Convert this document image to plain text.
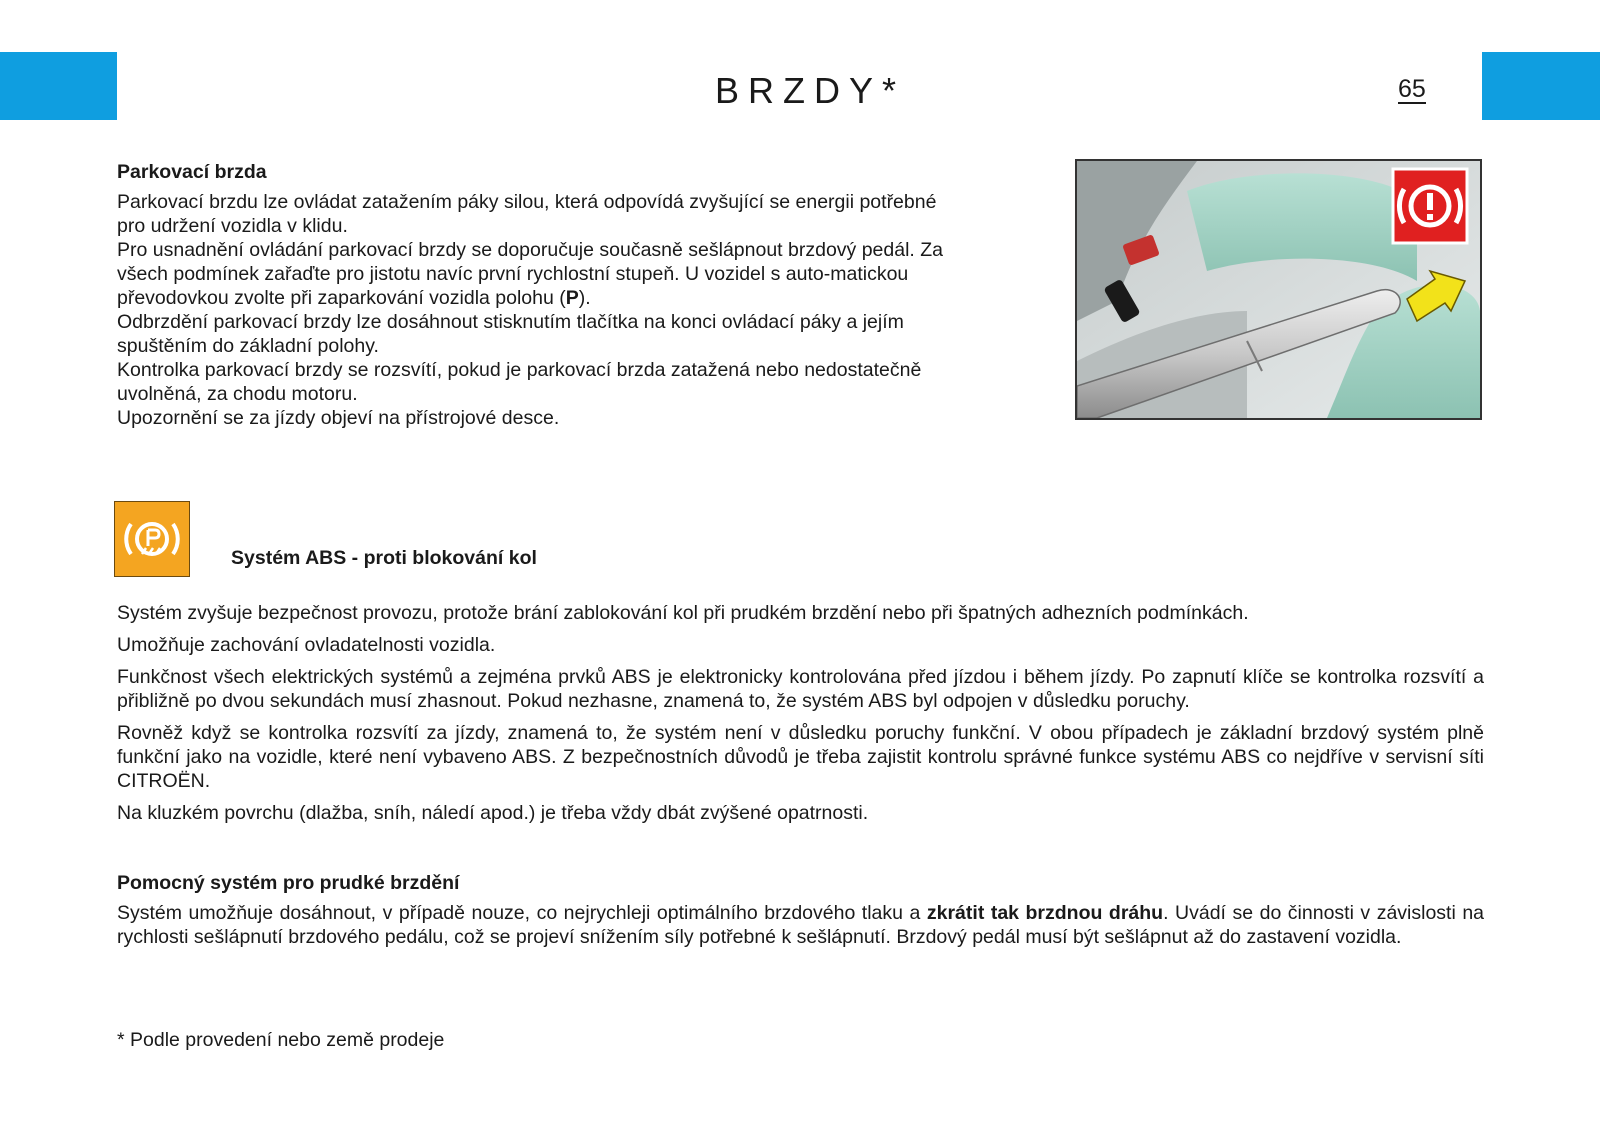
BRZDY*	65

Parkovací brzda

Parkovací brzdu lze ovládat zatažením páky silou, která odpovídá zvyšující se energii potřebné

pro udržení vozidla v klidu.

Pro usnadnění ovládání parkovací brzdy se doporučuje současně sešlápnout brzdový pedál. Za

všech podmínek zařaďte pro jistotu navíc první rychlostní stupeň. U vozidel s auto-matickou

převodovkou zvolte při zaparkování vozidla polohu (P).

Odbrzdění parkovací brzdy lze dosáhnout stisknutím tlačítka na konci ovládací páky a jejím

spuštěním do základní polohy.

Kontrolka parkovací brzdy se rozsvítí, pokud je parkovací brzda zatažená nebo nedostatečně

uvolněná, za chodu motoru.

Upozornění se za jízdy objeví na přístrojové desce.

Systém ABS - proti blokování kol

Systém zvyšuje bezpečnost provozu, protože brání zablokování kol při prudkém brzdění nebo při špatných adhezních podmínkách.

Umožňuje zachování ovladatelnosti vozidla.

Funkčnost všech elektrických systémů a zejména prvků ABS je elektronicky kontrolována před jízdou i během jízdy. Po zapnutí klíče se kontrolka rozsvítí a přibližně po dvou sekundách musí zhasnout. Pokud nezhasne, znamená to, že systém ABS byl odpojen v důsledku poruchy.

Rovněž když se kontrolka rozsvítí za jízdy, znamená to, že systém není v důsledku poruchy funkční. V obou případech je základní brzdový systém plně funkční jako na vozidle, které není vybaveno ABS. Z bezpečnostních důvodů je třeba zajistit kontrolu správné funkce systému ABS co nejdříve v servisní síti CITROËN.

Na kluzkém povrchu (dlažba, sníh, náledí apod.) je třeba vždy dbát zvýšené opatrnosti.

Pomocný systém pro prudké brzdění

Systém umožňuje dosáhnout, v případě nouze, co nejrychleji optimálního brzdového tlaku a zkrátit tak brzdnou dráhu. Uvádí se do činnosti v závislosti na rychlosti sešlápnutí brzdového pedálu, což se projeví snížením síly potřebné k sešlápnutí. Brzdový pedál musí být sešlápnut až do zastavení vozidla.

* Podle provedení nebo země prodeje
